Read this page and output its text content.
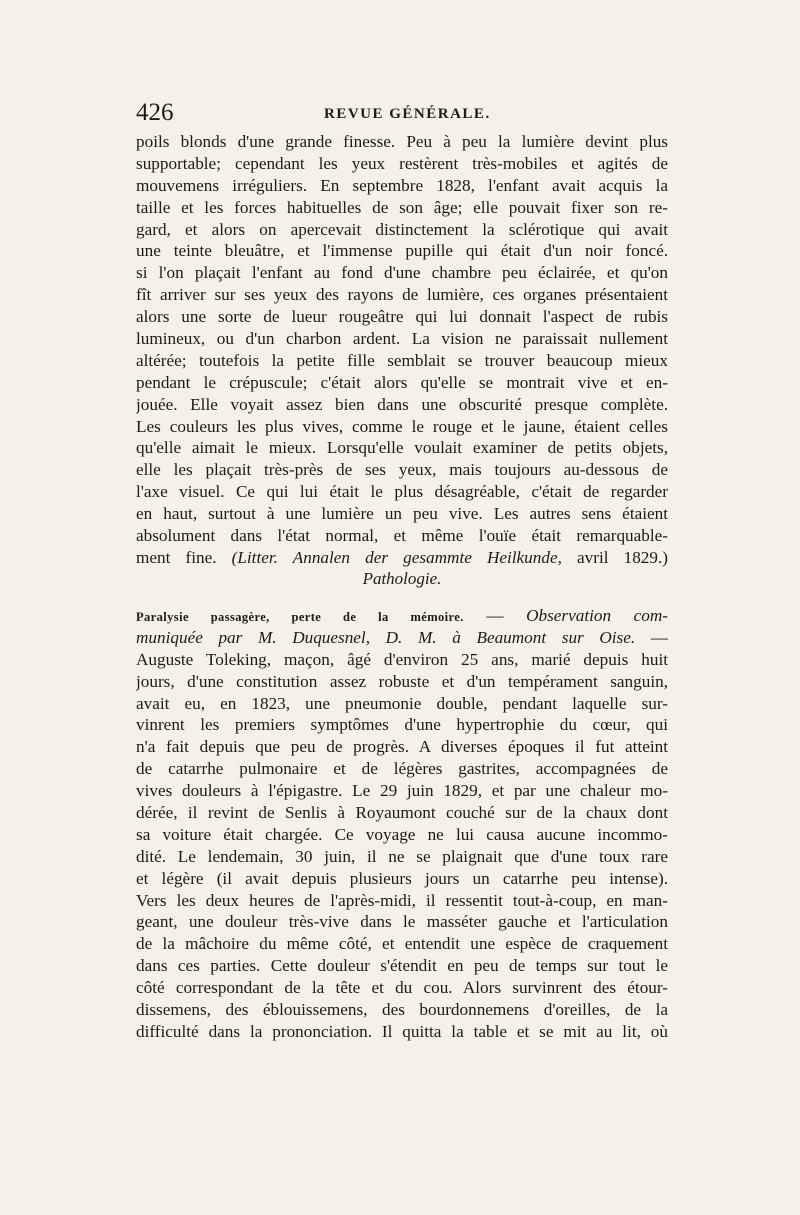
426	REVUE GÉNÉRALE.
poils blonds d'une grande finesse. Peu à peu la lumière devint plus
supportable; cependant les yeux restèrent très-mobiles et agités de
mouvemens irréguliers. En septembre 1828, l'enfant avait acquis la
taille et les forces habituelles de son âge; elle pouvait fixer son re-
gard, et alors on apercevait distinctement la sclérotique qui avait
une teinte bleuâtre, et l'immense pupille qui était d'un noir foncé.
si l'on plaçait l'enfant au fond d'une chambre peu éclairée, et qu'on
fît arriver sur ses yeux des rayons de lumière, ces organes présentaient
alors une sorte de lueur rougeâtre qui lui donnait l'aspect de rubis
lumineux, ou d'un charbon ardent. La vision ne paraissait nullement
altérée; toutefois la petite fille semblait se trouver beaucoup mieux
pendant le crépuscule; c'était alors qu'elle se montrait vive et en-
jouée. Elle voyait assez bien dans une obscurité presque complète.
Les couleurs les plus vives, comme le rouge et le jaune, étaient celles
qu'elle aimait le mieux. Lorsqu'elle voulait examiner de petits objets,
elle les plaçait très-près de ses yeux, mais toujours au-dessous de
l'axe visuel. Ce qui lui était le plus désagréable, c'était de regarder
en haut, surtout à une lumière un peu vive. Les autres sens étaient
absolument dans l'état normal, et même l'ouïe était remarquable-
ment fine. (Litter. Annalen der gesammte Heilkunde, avril 1829.)
Pathologie.
Paralysie passagère, perte de la mémoire. — Observation com-
muniquée par M. Duquesnel, D. M. à Beaumont sur Oise. —
Auguste Toleking, maçon, âgé d'environ 25 ans, marié depuis huit
jours, d'une constitution assez robuste et d'un tempérament sanguin,
avait eu, en 1823, une pneumonie double, pendant laquelle sur-
vinrent les premiers symptômes d'une hypertrophie du cœur, qui
n'a fait depuis que peu de progrès. A diverses époques il fut atteint
de catarrhe pulmonaire et de légères gastrites, accompagnées de
vives douleurs à l'épigastre. Le 29 juin 1829, et par une chaleur mo-
dérée, il revint de Senlis à Royaumont couché sur de la chaux dont
sa voiture était chargée. Ce voyage ne lui causa aucune incommo-
dité. Le lendemain, 30 juin, il ne se plaignait que d'une toux rare
et légère (il avait depuis plusieurs jours un catarrhe peu intense).
Vers les deux heures de l'après-midi, il ressentit tout-à-coup, en man-
geant, une douleur très-vive dans le masséter gauche et l'articulation
de la mâchoire du même côté, et entendit une espèce de craquement
dans ces parties. Cette douleur s'étendit en peu de temps sur tout le
côté correspondant de la tête et du cou. Alors survinrent des étour-
dissemens, des éblouissemens, des bourdonnemens d'oreilles, de la
difficulté dans la prononciation. Il quitta la table et se mit au lit, où
